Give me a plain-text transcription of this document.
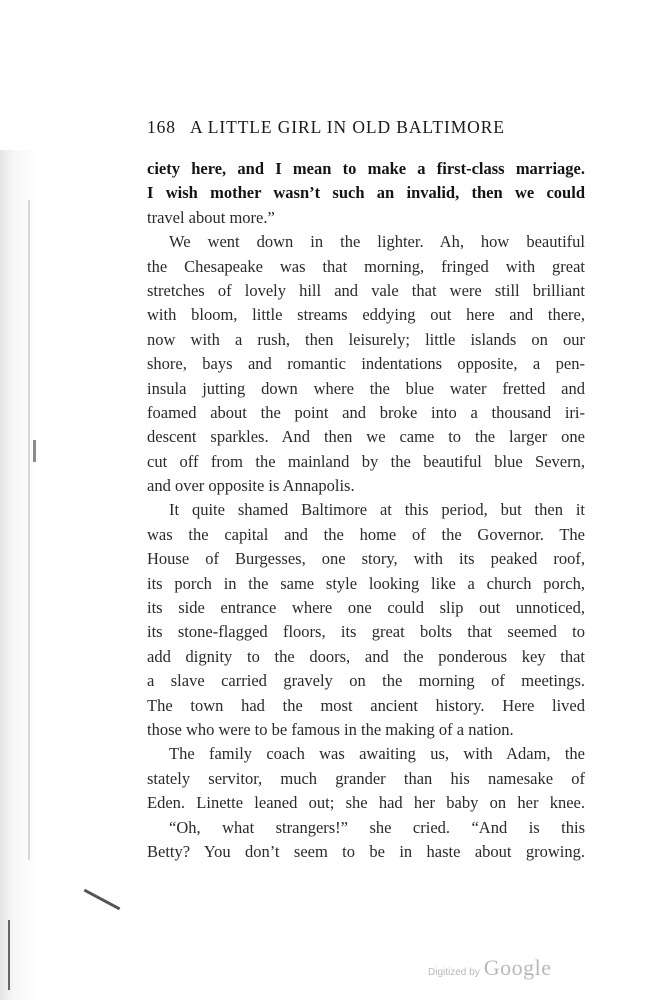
168 A LITTLE GIRL IN OLD BALTIMORE
ciety here, and I mean to make a first-class marriage.
I wish mother wasn’t such an invalid, then we could
travel about more.”
We went down in the lighter. Ah, how beautiful
the Chesapeake was that morning, fringed with great
stretches of lovely hill and vale that were still brilliant
with bloom, little streams eddying out here and there,
now with a rush, then leisurely; little islands on our
shore, bays and romantic indentations opposite, a pen-
insula jutting down where the blue water fretted and
foamed about the point and broke into a thousand iri-
descent sparkles. And then we came to the larger one
cut off from the mainland by the beautiful blue Severn,
and over opposite is Annapolis.
It quite shamed Baltimore at this period, but then it
was the capital and the home of the Governor. The
House of Burgesses, one story, with its peaked roof,
its porch in the same style looking like a church porch,
its side entrance where one could slip out unnoticed,
its stone-flagged floors, its great bolts that seemed to
add dignity to the doors, and the ponderous key that
a slave carried gravely on the morning of meetings.
The town had the most ancient history. Here lived
those who were to be famous in the making of a nation.
The family coach was awaiting us, with Adam, the
stately servitor, much grander than his namesake of
Eden. Linette leaned out; she had her baby on her knee.
“Oh, what strangers!” she cried. “And is this
Betty? You don’t seem to be in haste about growing.
Digitized by Google
